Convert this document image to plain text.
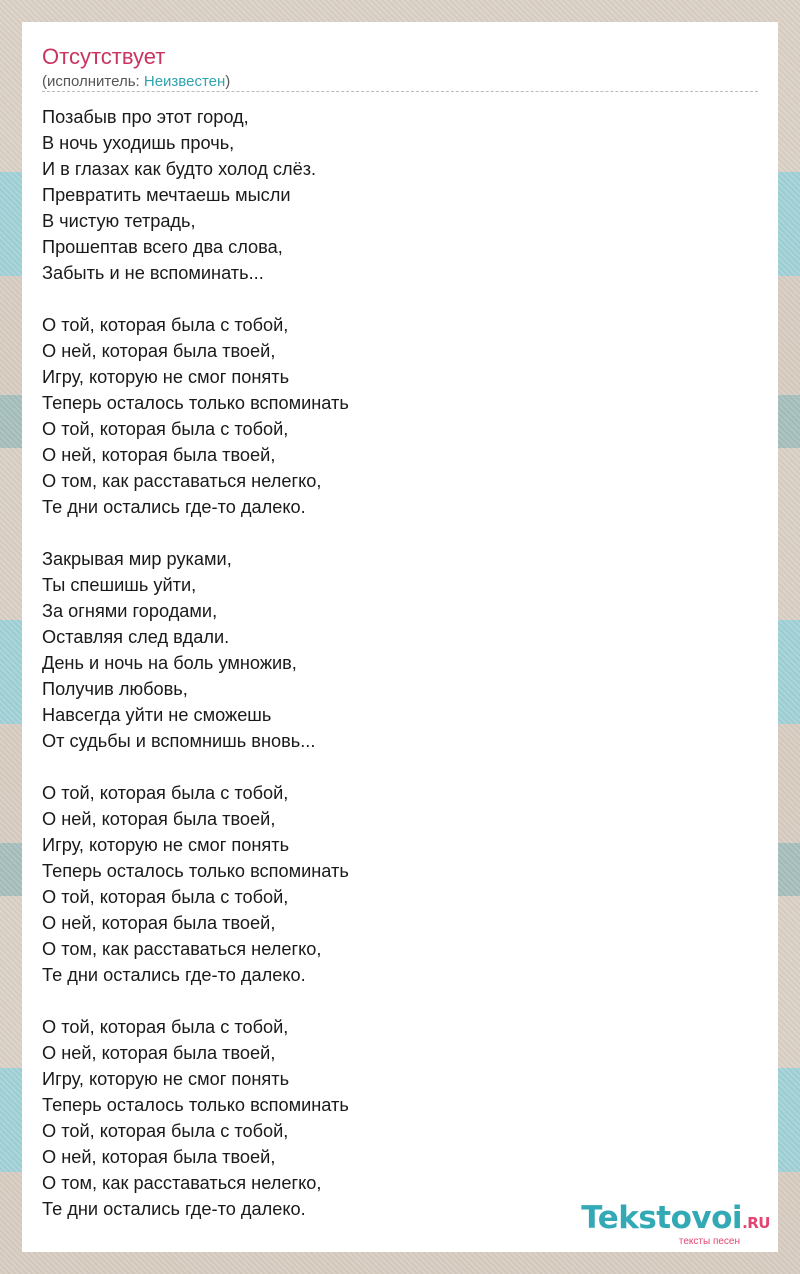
Отсутствует
(исполнитель: Неизвестен)
Позабыв про этот город,
В ночь уходишь прочь,
И в глазах как будто холод слёз.
Превратить мечтаешь мысли
В чистую тетрадь,
Прошептав всего два слова,
Забыть и не вспоминать...
О той, которая была с тобой,
О ней, которая была твоей,
Игру, которую не смог понять
Теперь осталось только вспоминать
О той, которая была с тобой,
О ней, которая была твоей,
О том, как расставаться нелегко,
Те дни остались где-то далеко.
Закрывая мир руками,
Ты спешишь уйти,
За огнями городами,
Оставляя след вдали.
День и ночь на боль умножив,
Получив любовь,
Навсегда уйти не сможешь
От судьбы и вспомнишь вновь...
О той, которая была с тобой,
О ней, которая была твоей,
Игру, которую не смог понять
Теперь осталось только вспоминать
О той, которая была с тобой,
О ней, которая была твоей,
О том, как расставаться нелегко,
Те дни остались где-то далеко.
О той, которая была с тобой,
О ней, которая была твоей,
Игру, которую не смог понять
Теперь осталось только вспоминать
О той, которая была с тобой,
О ней, которая была твоей,
О том, как расставаться нелегко,
Те дни остались где-то далеко.	Tekstovoi.RU
тексты песен
